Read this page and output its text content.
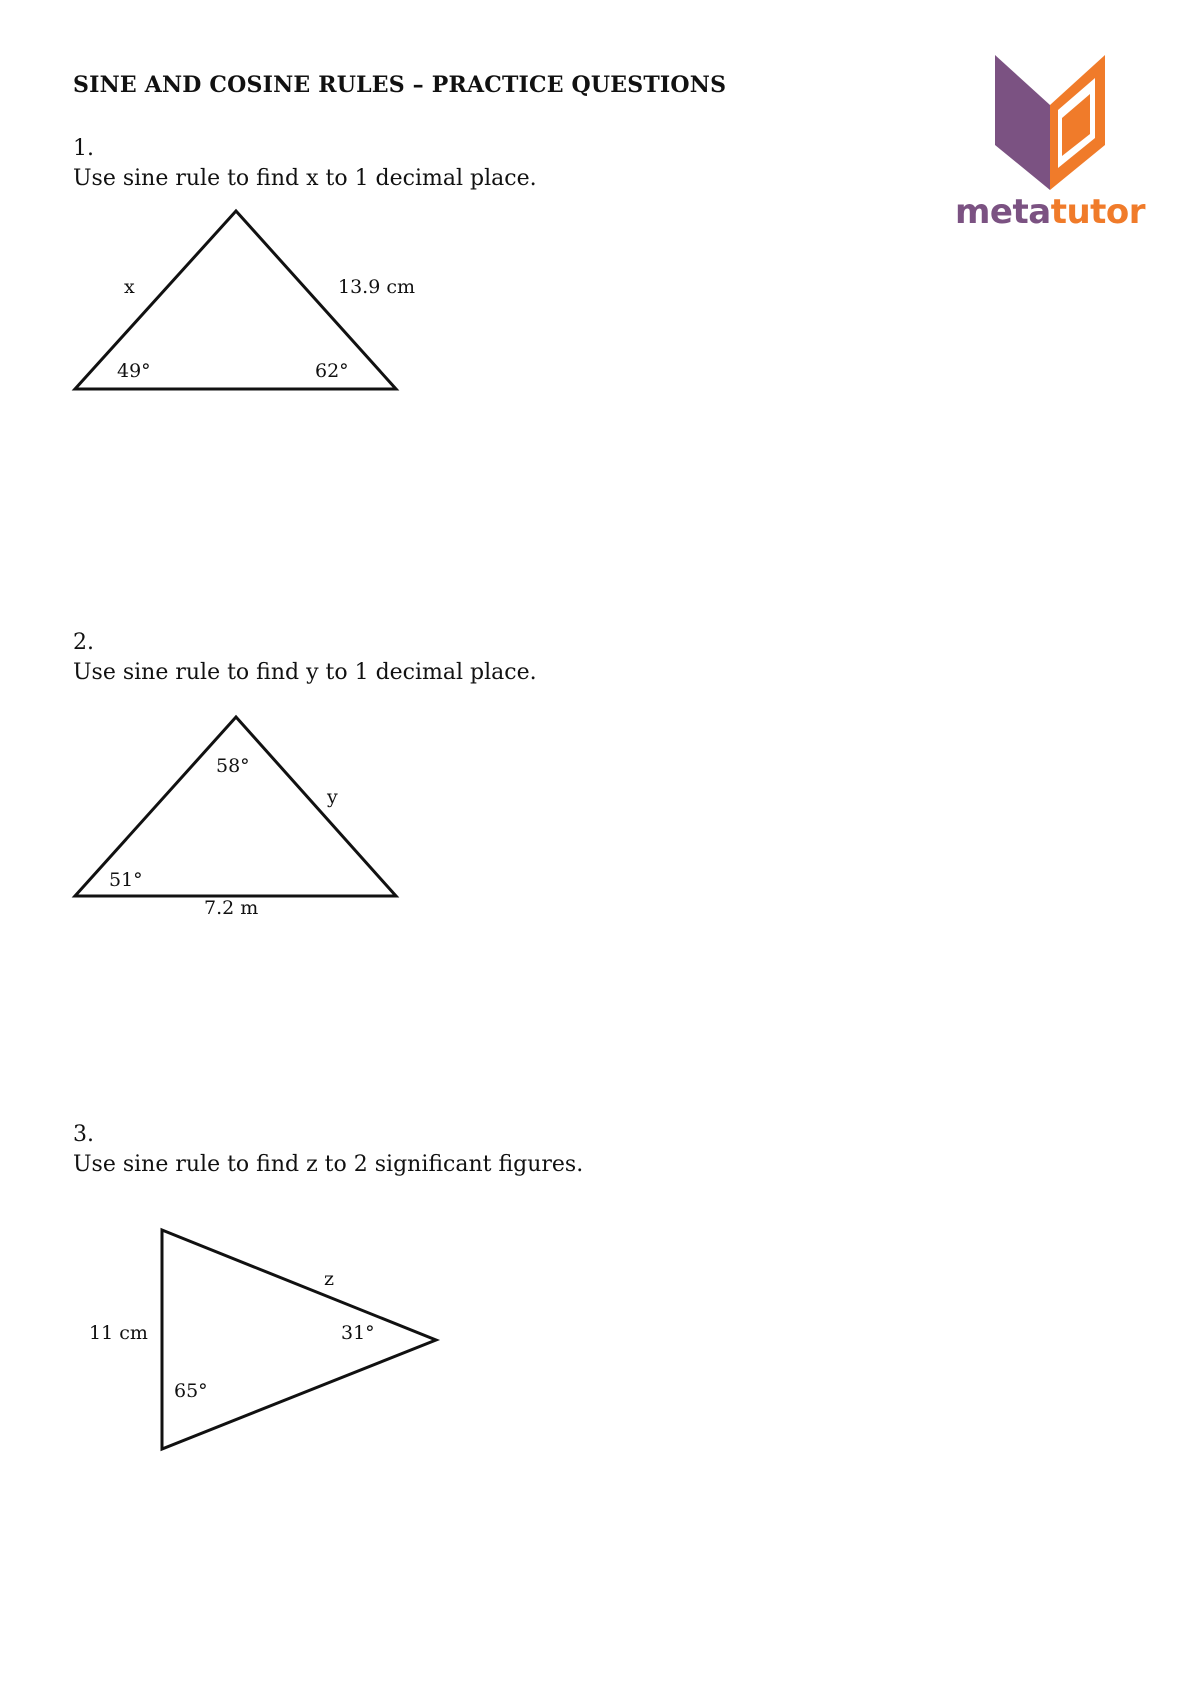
SINE AND COSINE RULES – PRACTICE QUESTIONS
metatutor
1.
Use sine rule to find x to 1 decimal place.
x	13.9 cm
49°	62°
2.
Use sine rule to find y to 1 decimal place.
58°
y
51°
7.2 m
3.
Use sine rule to find z to 2 significant figures.
z
11 cm	31°
65°
